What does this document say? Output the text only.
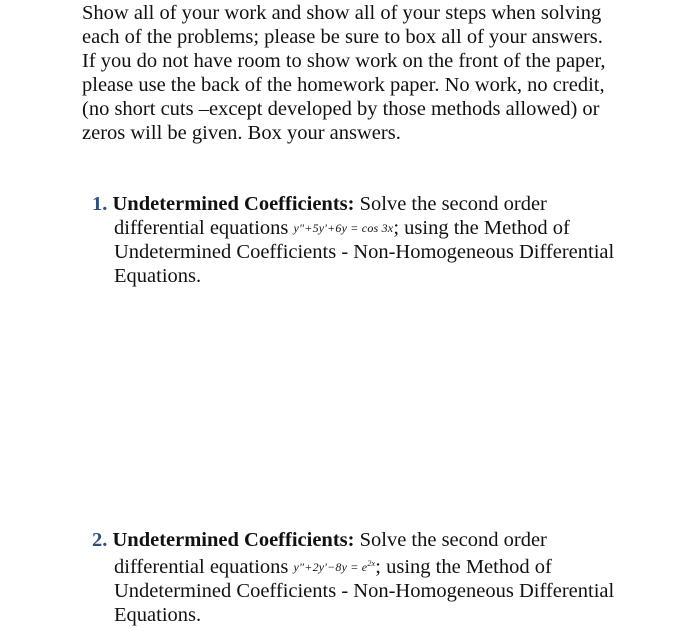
Show all of your work and show all of your steps when solving
each of the problems; please be sure to box all of your answers.
If you do not have room to show work on the front of the paper,
please use the back of the homework paper. No work, no credit,
(no short cuts –except developed by those methods allowed) or
zeros will be given. Box your answers.
1. Undetermined Coefficients: Solve the second order
differential equations y"+5y'+6y = cos 3x; using the Method of
Undetermined Coefficients - Non-Homogeneous Differential
Equations.
2. Undetermined Coefficients: Solve the second order
differential equations y"+2y'−8y = $e^{2x}$; using the Method of
Undetermined Coefficients - Non-Homogeneous Differential
Equations.
